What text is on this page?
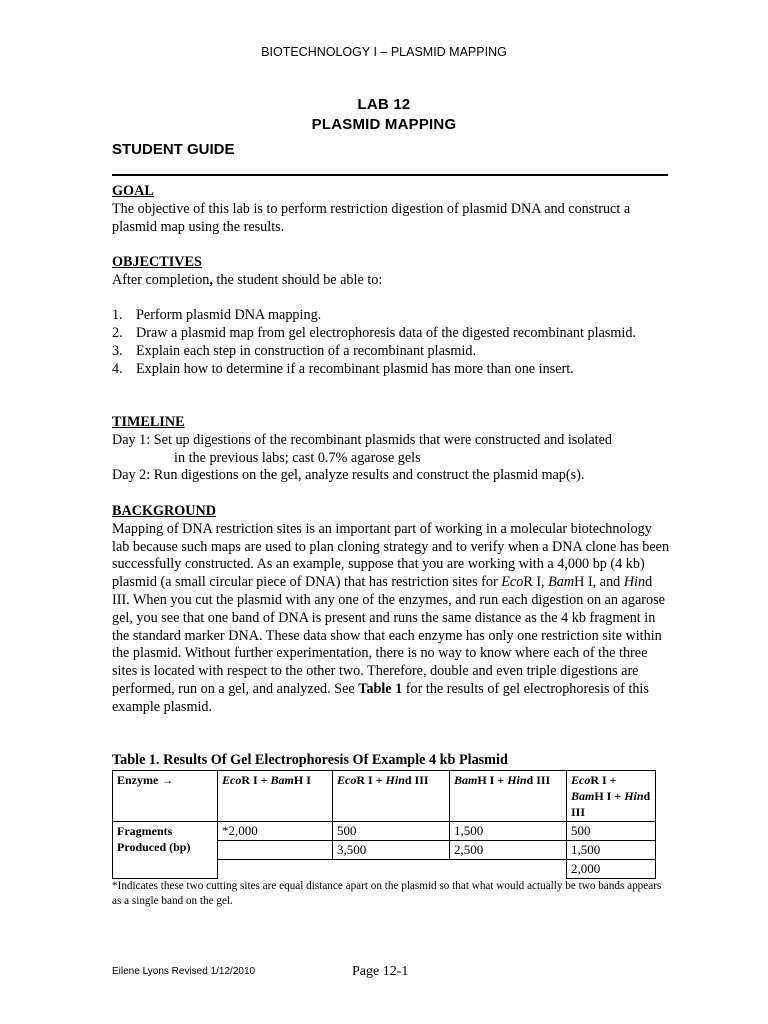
BIOTECHNOLOGY I – PLASMID MAPPING
LAB 12
PLASMID MAPPING
STUDENT GUIDE
GOAL

The objective of this lab is to perform restriction digestion of plasmid DNA and construct a plasmid map using the results.

OBJECTIVES

After completion, the student should be able to:

1. Perform plasmid DNA mapping.
2. Draw a plasmid map from gel electrophoresis data of the digested recombinant plasmid.
3. Explain each step in construction of a recombinant plasmid.
4. Explain how to determine if a recombinant plasmid has more than one insert.
TIMELINE

Day 1: Set up digestions of the recombinant plasmids that were constructed and isolated

in the previous labs; cast 0.7% agarose gels

Day 2: Run digestions on the gel, analyze results and construct the plasmid map(s).

BACKGROUND

Mapping of DNA restriction sites is an important part of working in a molecular biotechnology lab because such maps are used to plan cloning strategy and to verify when a DNA clone has been successfully constructed. As an example, suppose that you are working with a 4,000 bp (4 kb) plasmid (a small circular piece of DNA) that has restriction sites for EcoR I, BamH I, and Hind III. When you cut the plasmid with any one of the enzymes, and run each digestion on an agarose gel, you see that one band of DNA is present and runs the same distance as the 4 kb fragment in the standard marker DNA. These data show that each enzyme has only one restriction site within the plasmid. Without further experimentation, there is no way to know where each of the three sites is located with respect to the other two. Therefore, double and even triple digestions are performed, run on a gel, and analyzed. See Table 1 for the results of gel electrophoresis of this example plasmid.

Table 1. Results Of Gel Electrophoresis Of Example 4 kb Plasmid
Enzyme →	EcoR I + BamH I	EcoR I + Hind III	BamH I + Hind III	EcoR I + BamH I + Hind III
Fragments Produced (bp)	*2,000	500	1,500	500
		3,500	2,500	1,500
				2,000
*Indicates these two cutting sites are equal distance apart on the plasmid so that what would actually be two bands appears as a single band on the gel.
Eilene Lyons Revised 1/12/2010	Page 12-1
